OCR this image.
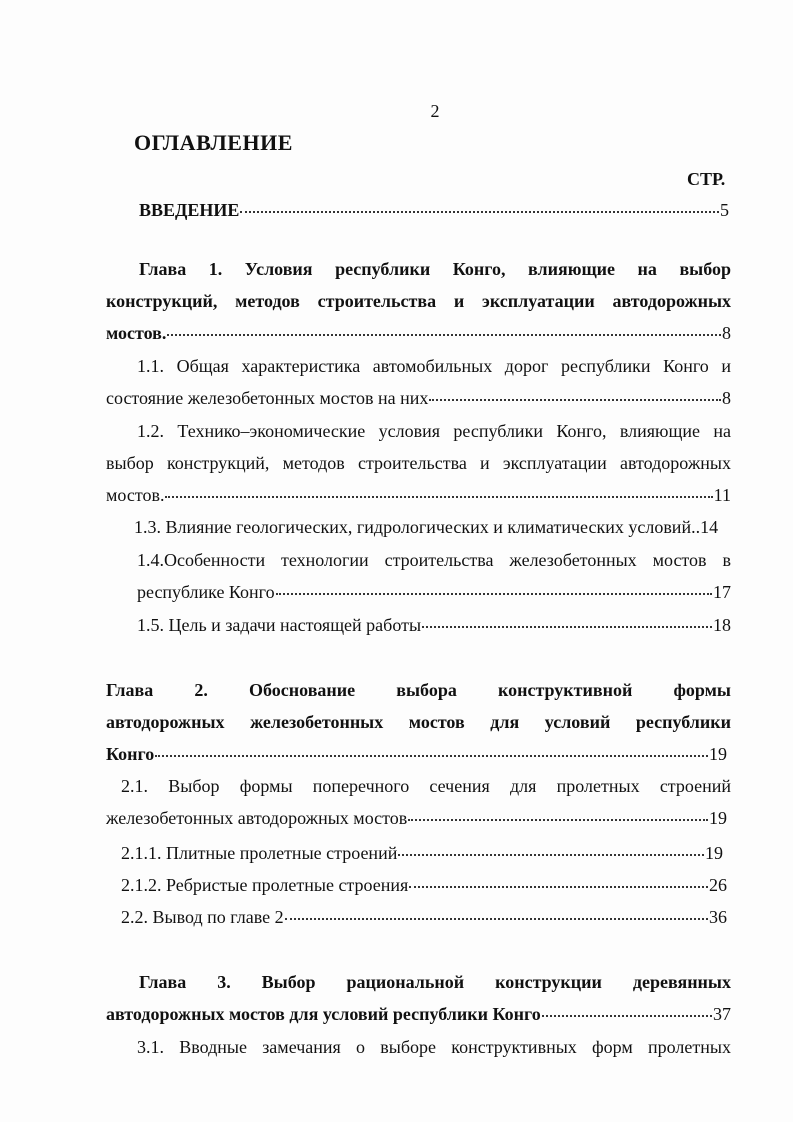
2
ОГЛАВЛЕНИЕ
СТР.
ВВЕДЕНИЕ	5
Глава 1. Условия республики Конго, влияющие на выбор
конструкций, методов строительства и эксплуатации автодорожных
мостов.	8
1.1. Общая характеристика автомобильных дорог республики Конго и
состояние железобетонных мостов на них	8
1.2. Технико–экономические условия республики Конго, влияющие на
выбор конструкций, методов строительства и эксплуатации автодорожных
мостов.	11
1.3. Влияние геологических, гидрологических и климатических условий..14
1.4.Особенности технологии строительства железобетонных мостов в
республике Конго	17
1.5. Цель и задачи настоящей работы	18
Глава 2. Обоснование выбора конструктивной формы
автодорожных железобетонных мостов для условий республики
Конго	19
2.1. Выбор формы поперечного сечения для пролетных строений
железобетонных автодорожных мостов	19
2.1.1. Плитные пролетные строений	19
2.1.2. Ребристые пролетные строения	26
2.2. Вывод по главе 2	36
Глава 3. Выбор рациональной конструкции деревянных
автодорожных мостов для условий республики Конго	37
3.1. Вводные замечания о выборе конструктивных форм пролетных
